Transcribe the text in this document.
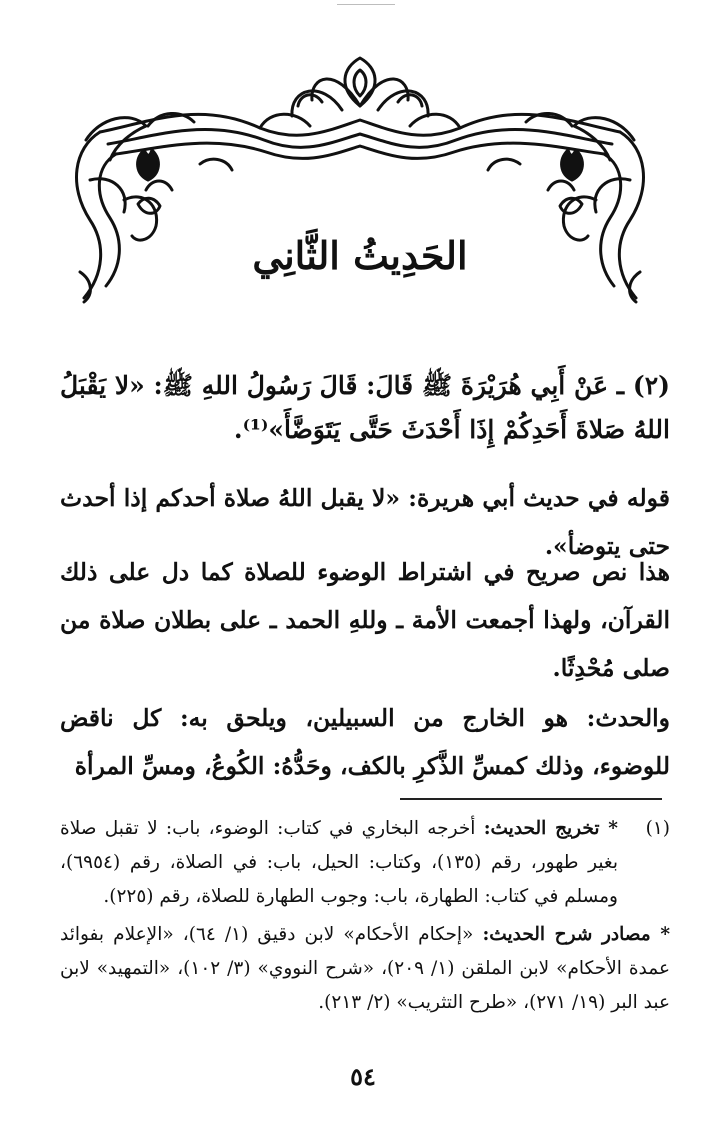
الحَدِيثُ الثَّانِي
(٢) ـ عَنْ أَبِي هُرَيْرَةَ ﷺ قَالَ: قَالَ رَسُولُ اللهِ ﷺ: «لا يَقْبَلُ اللهُ صَلاةَ أَحَدِكُمْ إِذَا أَحْدَثَ حَتَّى يَتَوَضَّأَ»⁽¹⁾.
قوله في حديث أبي هريرة: «لا يقبل اللهُ صلاة أحدكم إذا أحدث حتى يتوضأ».
هذا نص صريح في اشتراط الوضوء للصلاة كما دل على ذلك القرآن، ولهذا أجمعت الأمة ـ وللهِ الحمد ـ على بطلان صلاة من صلى مُحْدِثًا.
والحدث: هو الخارج من السبيلين، ويلحق به: كل ناقض للوضوء، وذلك كمسِّ الذَّكرِ بالكف، وحَدُّهُ: الكُوعُ، ومسِّ المرأة
(١)
* تخريج الحديث: أخرجه البخاري في كتاب: الوضوء، باب: لا تقبل صلاة بغير طهور، رقم (١٣٥)، وكتاب: الحيل، باب: في الصلاة، رقم (٦٩٥٤)، ومسلم في كتاب: الطهارة، باب: وجوب الطهارة للصلاة، رقم (٢٢٥).
* مصادر شرح الحديث: «إحكام الأحكام» لابن دقيق (١/ ٦٤)، «الإعلام بفوائد عمدة الأحكام» لابن الملقن (١/ ٢٠٩)، «شرح النووي» (٣/ ١٠٢)، «التمهيد» لابن عبد البر (١٩/ ٢٧١)، «طرح التثريب» (٢/ ٢١٣).
٥٤
